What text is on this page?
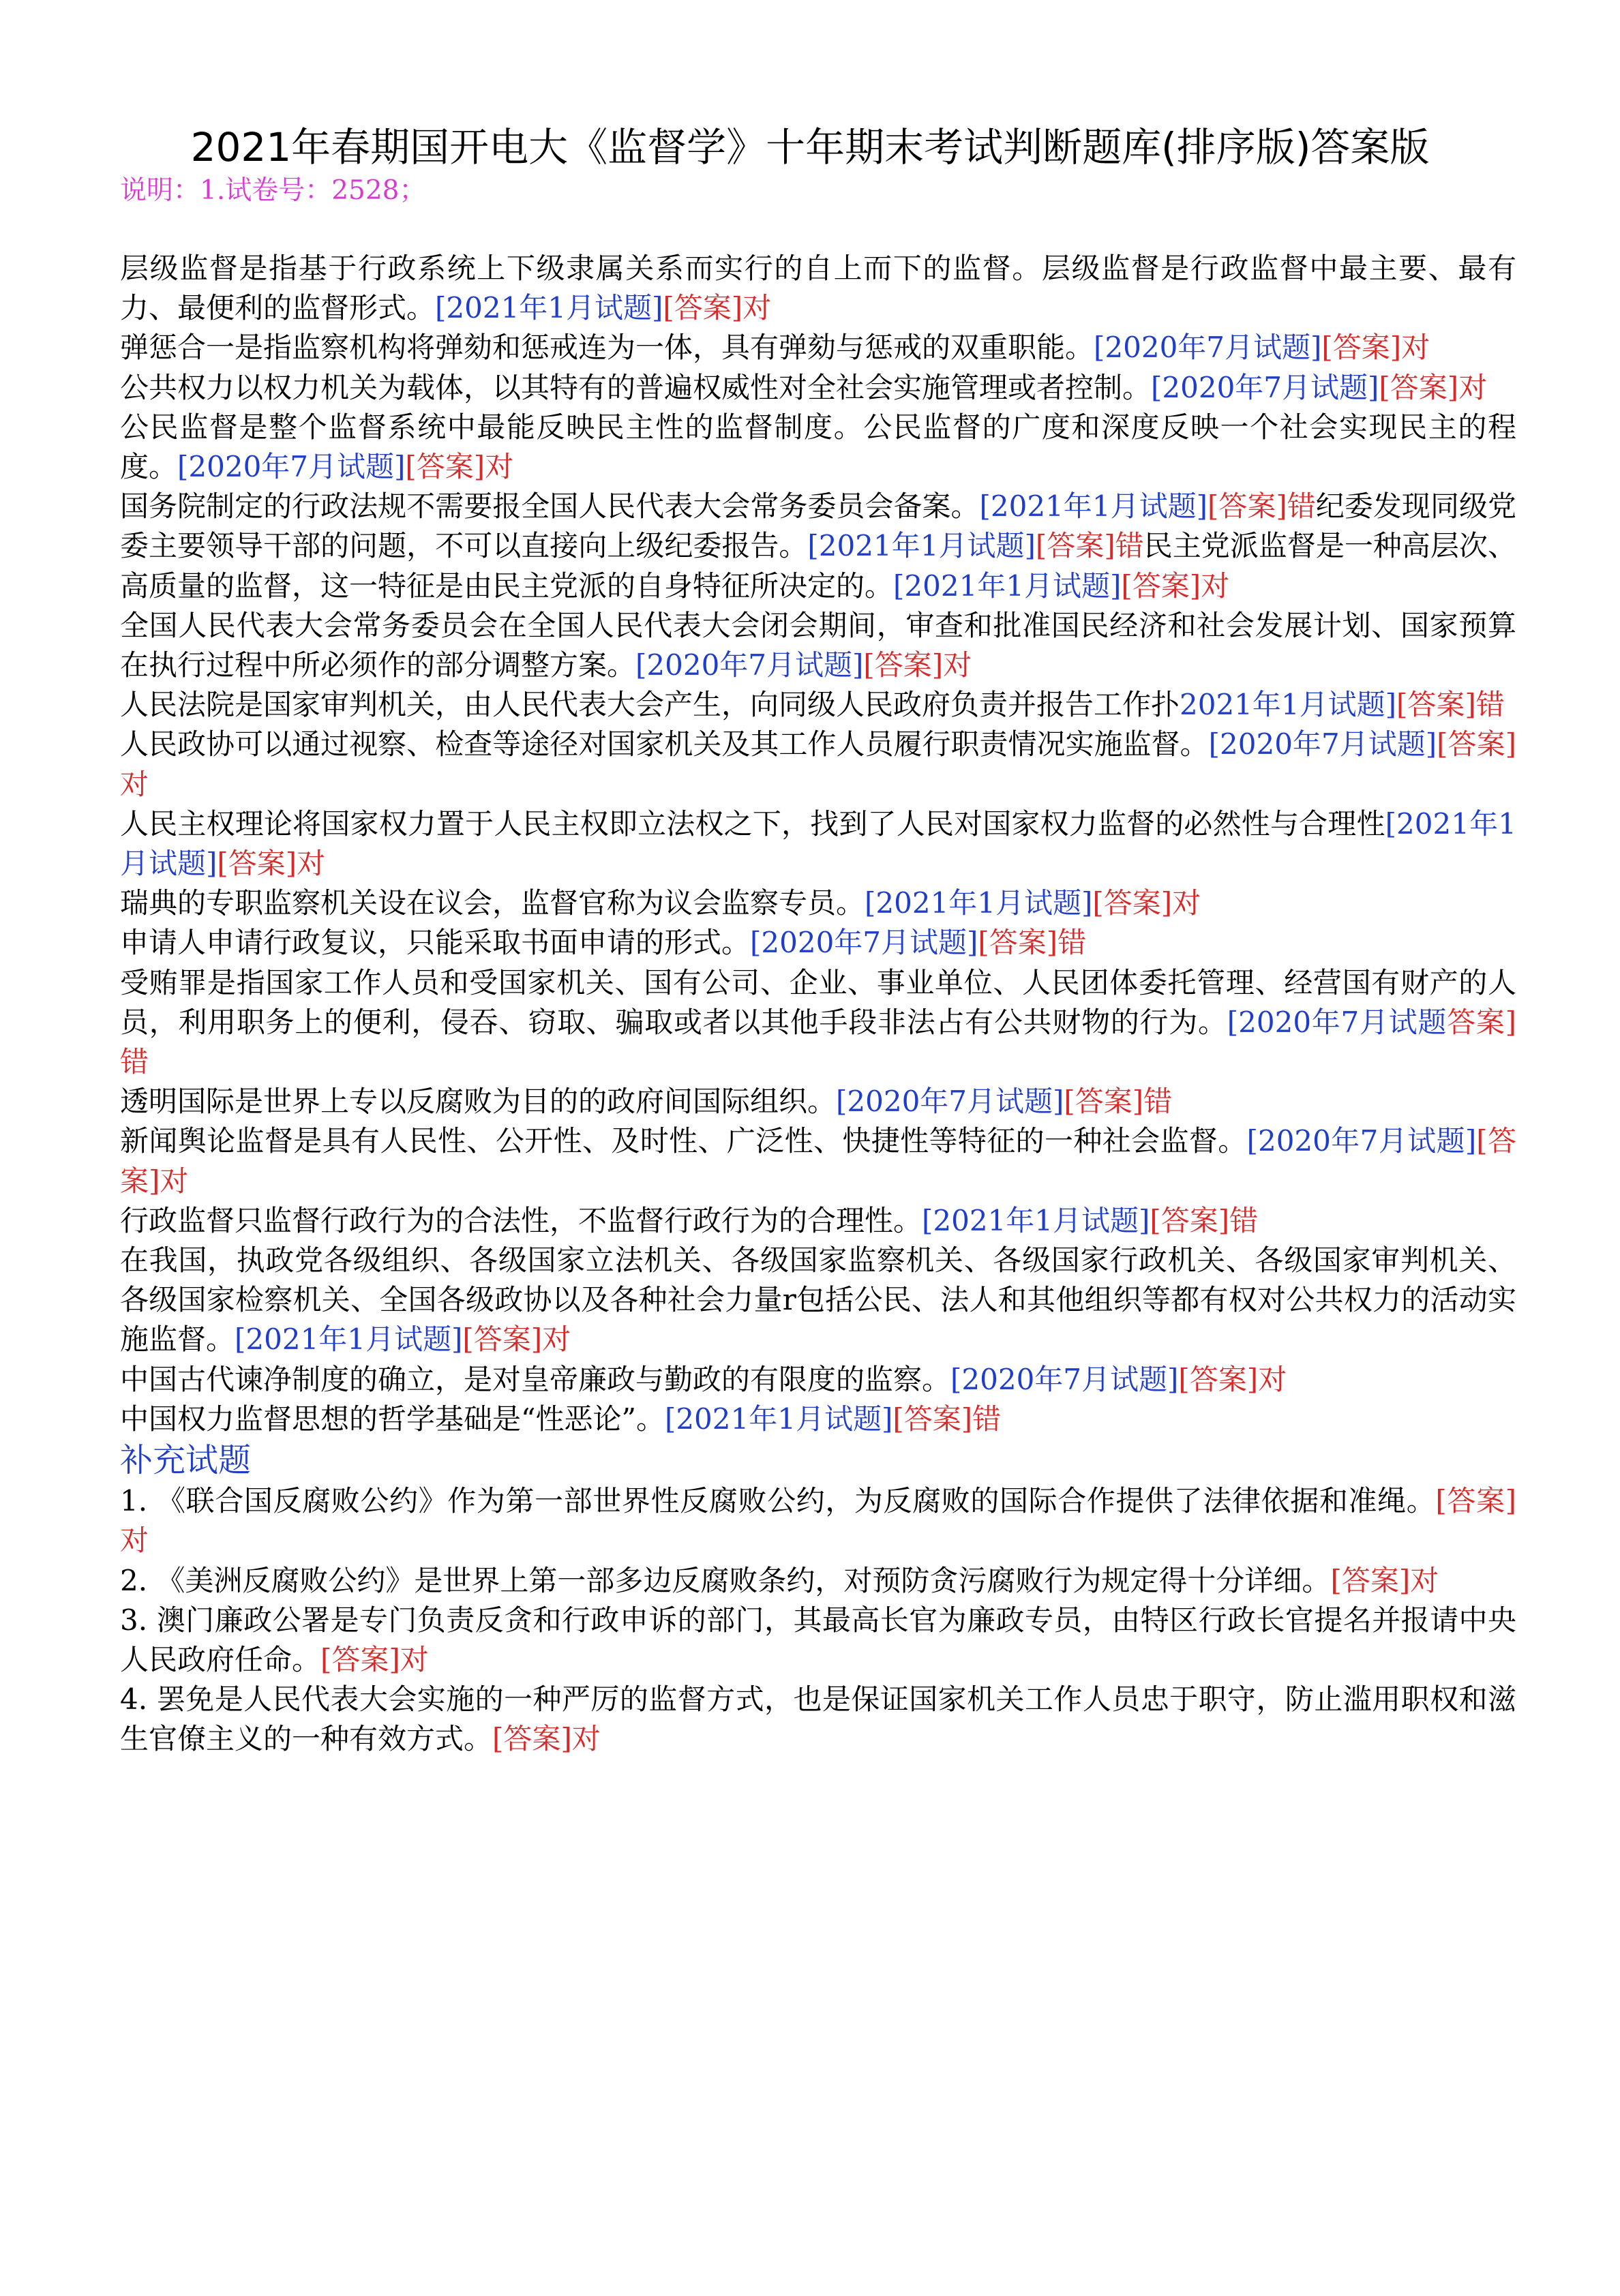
2021年春期国开电大《监督学》十年期末考试判断题库(排序版)答案版
说明：1.试卷号：2528；

层级监督是指基于行政系统上下级隶属关系而实行的自上而下的监督。层级监督是行政监督中最主要、最有力、最便利的监督形式。[2021年1月试题][答案]对

弹惩合一是指监察机构将弹劾和惩戒连为一体，具有弹劾与惩戒的双重职能。[2020年7月试题][答案]对

公共权力以权力机关为载体，以其特有的普遍权威性对全社会实施管理或者控制。[2020年7月试题][答案]对

公民监督是整个监督系统中最能反映民主性的监督制度。公民监督的广度和深度反映一个社会实现民主的程度。[2020年7月试题][答案]对

国务院制定的行政法规不需要报全国人民代表大会常务委员会备案。[2021年1月试题][答案]错纪委发现同级党委主要领导干部的问题，不可以直接向上级纪委报告。[2021年1月试题][答案]错民主党派监督是一种高层次、高质量的监督，这一特征是由民主党派的自身特征所决定的。[2021年1月试题][答案]对

全国人民代表大会常务委员会在全国人民代表大会闭会期间，审查和批准国民经济和社会发展计划、国家预算在执行过程中所必须作的部分调整方案。[2020年7月试题][答案]对

人民法院是国家审判机关，由人民代表大会产生，向同级人民政府负责并报告工作扑2021年1月试题][答案]错

人民政协可以通过视察、检查等途径对国家机关及其工作人员履行职责情况实施监督。[2020年7月试题][答案]对

人民主权理论将国家权力置于人民主权即立法权之下，找到了人民对国家权力监督的必然性与合理性[2021年1月试题][答案]对

瑞典的专职监察机关设在议会，监督官称为议会监察专员。[2021年1月试题][答案]对

申请人申请行政复议，只能采取书面申请的形式。[2020年7月试题][答案]错

受贿罪是指国家工作人员和受国家机关、国有公司、企业、事业单位、人民团体委托管理、经营国有财产的人员，利用职务上的便利，侵吞、窃取、骗取或者以其他手段非法占有公共财物的行为。[2020年7月试题答案]错

透明国际是世界上专以反腐败为目的的政府间国际组织。[2020年7月试题][答案]错

新闻舆论监督是具有人民性、公开性、及时性、广泛性、快捷性等特征的一种社会监督。[2020年7月试题][答案]对

行政监督只监督行政行为的合法性，不监督行政行为的合理性。[2021年1月试题][答案]错

在我国，执政党各级组织、各级国家立法机关、各级国家监察机关、各级国家行政机关、各级国家审判机关、各级国家检察机关、全国各级政协以及各种社会力量r包括公民、法人和其他组织等都有权对公共权力的活动实施监督。[2021年1月试题][答案]对

中国古代谏净制度的确立，是对皇帝廉政与勤政的有限度的监察。[2020年7月试题][答案]对

中国权力监督思想的哲学基础是“性恶论”。[2021年1月试题][答案]错

补充试题

1. 《联合国反腐败公约》作为第一部世界性反腐败公约，为反腐败的国际合作提供了法律依据和准绳。[答案]对

2. 《美洲反腐败公约》是世界上第一部多边反腐败条约，对预防贪污腐败行为规定得十分详细。[答案]对

3. 澳门廉政公署是专门负责反贪和行政申诉的部门，其最高长官为廉政专员，由特区行政长官提名并报请中央人民政府任命。[答案]对

4. 罢免是人民代表大会实施的一种严厉的监督方式，也是保证国家机关工作人员忠于职守，防止滥用职权和滋生官僚主义的一种有效方式。[答案]对
